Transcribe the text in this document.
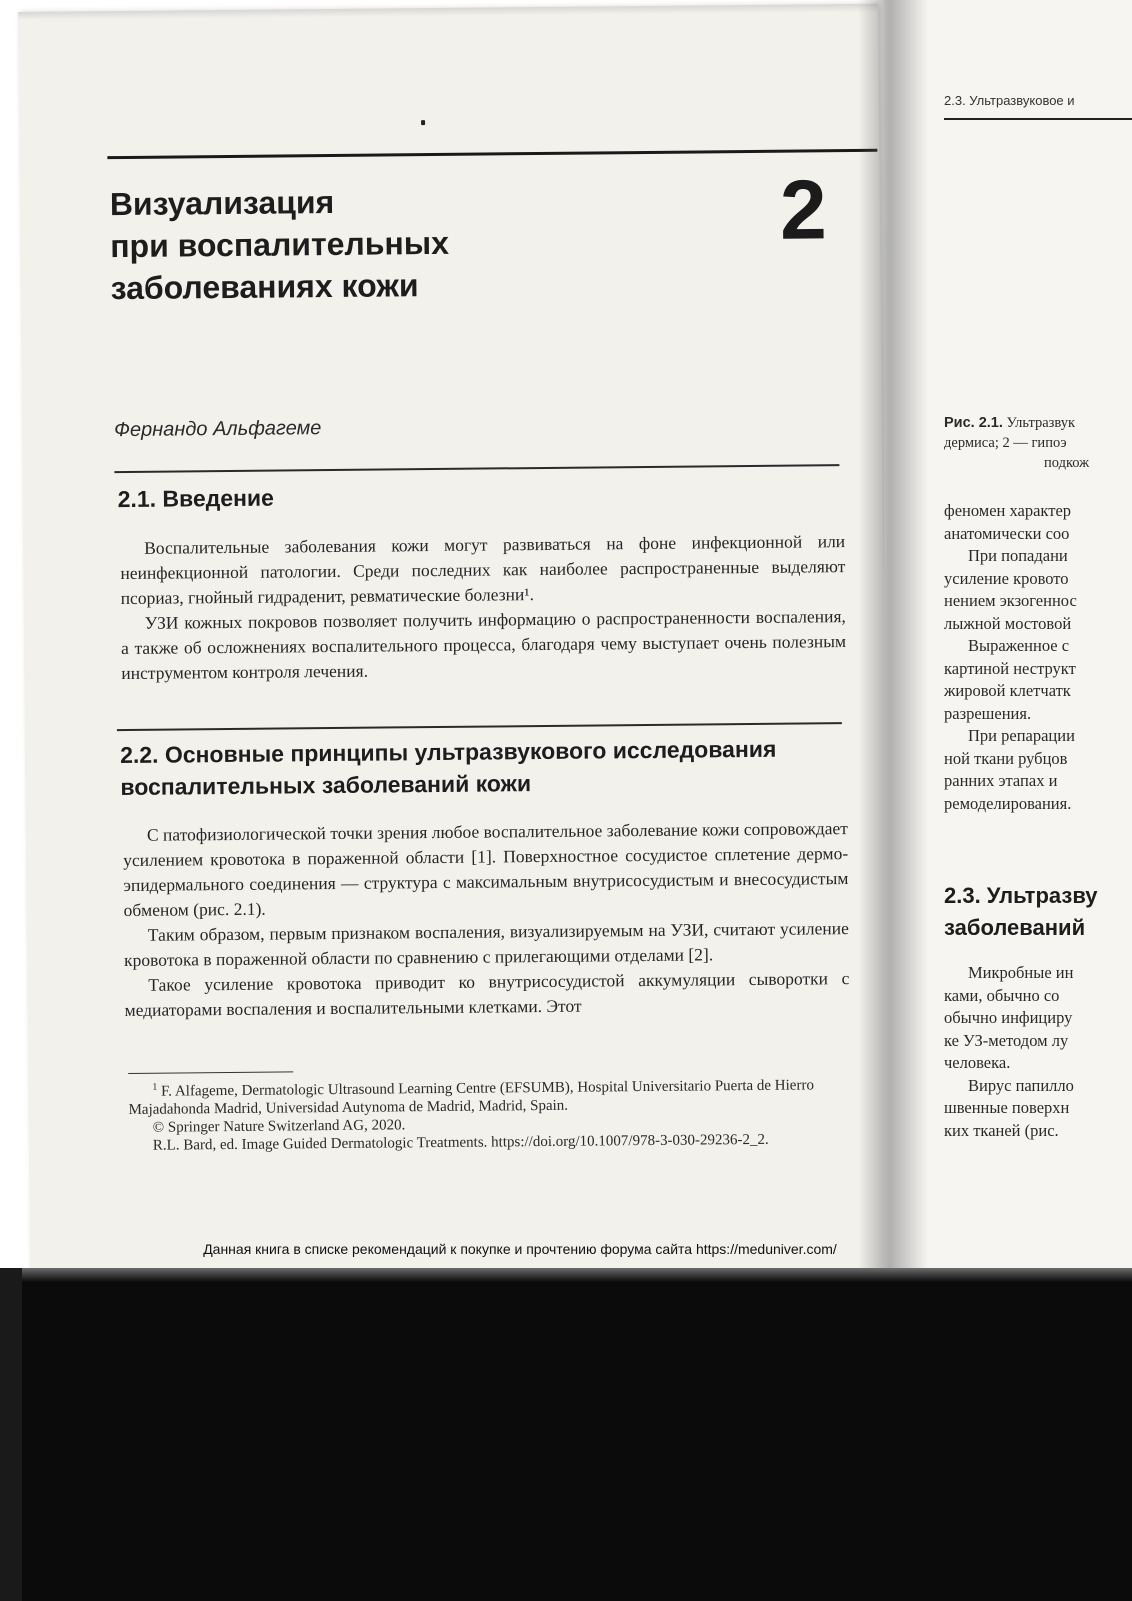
Визуализация
при воспалительных
заболеваниях кожи
2
Фернандо Альфагеме
2.1. Введение

Воспалительные заболевания кожи могут развиваться на фоне инфекционной или неинфекционной патологии. Среди последних как наиболее распространенные выделяют псориаз, гнойный гидраденит, ревматические болезни¹.

УЗИ кожных покровов позволяет получить информацию о распространенности воспаления, а также об осложнениях воспалительного процесса, благодаря чему выступает очень полезным инструментом контроля лечения.

2.2. Основные принципы ультразвукового исследования
воспалительных заболеваний кожи

С патофизиологической точки зрения любое воспалительное заболевание кожи сопровождает усилением кровотока в пораженной области [1]. Поверхностное сосудистое сплетение дермо-эпидермального соединения — структура с максимальным внутрисосудистым и внесосудистым обменом (рис. 2.1).

Таким образом, первым признаком воспаления, визуализируемым на УЗИ, считают усиление кровотока в пораженной области по сравнению с прилегающими отделами [2].

Такое усиление кровотока приводит ко внутрисосудистой аккумуляции сыворотки с медиаторами воспаления и воспалительными клетками. Этот

$^1$ F. Alfageme, Dermatologic Ultrasound Learning Centre (EFSUMB), Hospital Universitario Puerta de Hierro Majadahonda Madrid, Universidad Autynoma de Madrid, Madrid, Spain.

© Springer Nature Switzerland AG, 2020.

R.L. Bard, ed. Image Guided Dermatologic Treatments. https://doi.org/10.1007/978-3-030-29236-2_2.

2.3. Ультразвуковое и
Рис. 2.1. Ультразвук
дермиса; 2 — гипоэ
подкож
феномен характер
анатомически соо
При попадани
усиление кровото
нением экзогеннос
лыжной мостовой
Выраженное с
картиной неструкт
жировой клетчатк
разрешения.
При репарации
ной ткани рубцов
ранних этапах и
ремоделирования.
2.3. Ультразву
заболеваний
Микробные ин
ками, обычно со
обычно инфициру
ке УЗ-методом лу
человека.
Вирус папилло
швенные поверхн
ких тканей (рис.
Данная книга в списке рекомендаций к покупке и прочтению форума сайта https://meduniver.com/
